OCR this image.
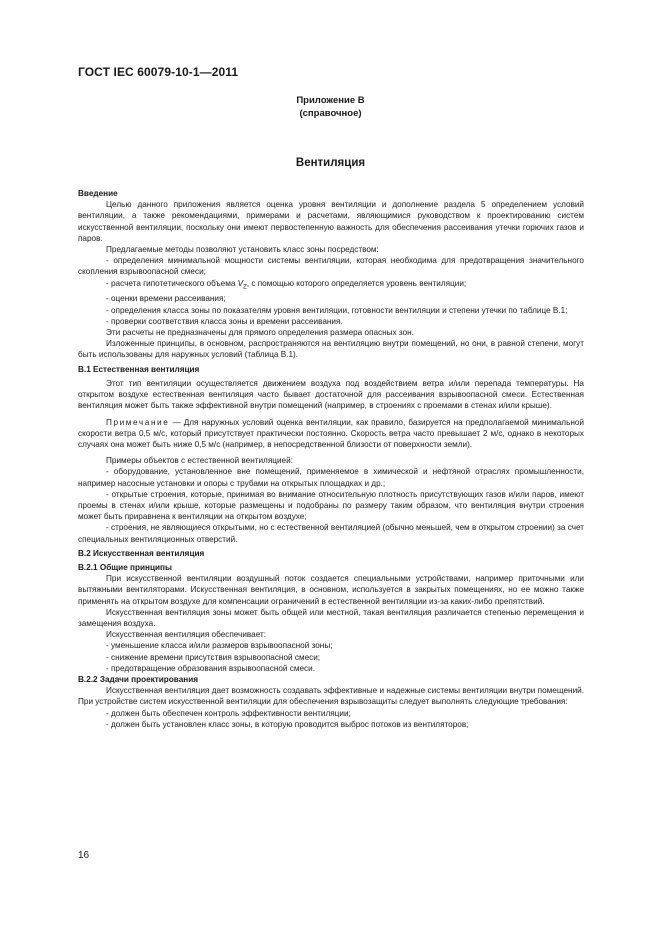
ГОСТ IEC 60079-10-1—2011
Приложение B
(справочное)
Вентиляция

Введение

Целью данного приложения является оценка уровня вентиляции и дополнение раздела 5 определением условий вентиляции, а также рекомендациями, примерами и расчетами, являющимися руководством к проектированию систем искусственной вентиляции, поскольку они имеют первостепенную важность для обеспечения рассеивания утечки горючих газов и паров.

Предлагаемые методы позволяют установить класс зоны посредством:

- определения минимальной мощности системы вентиляции, которая необходима для предотвращения значительного скопления взрывоопасной смеси;

- расчета гипотетического объема $V_Z$, с помощью которого определяется уровень вентиляции;

- оценки времени рассеивания;

- определения класса зоны по показателям уровня вентиляции, готовности вентиляции и степени утечки по таблице B.1;

- проверки соответствия класса зоны и времени рассеивания.

Эти расчеты не предназначены для прямого определения размера опасных зон.

Изложенные принципы, в основном, распространяются на вентиляцию внутри помещений, но они, в равной степени, могут быть использованы для наружных условий (таблица B.1).

B.1 Естественная вентиляция

Этот тип вентиляции осуществляется движением воздуха под воздействием ветра и/или перепада температуры. На открытом воздухе естественная вентиляция часто бывает достаточной для рассеивания взрывоопасной смеси. Естественная вентиляция может быть также эффективной внутри помещений (например, в строениях с проемами в стенах и/или крыше).

Примечание — Для наружных условий оценка вентиляции, как правило, базируется на предполагаемой минимальной скорости ветра 0,5 м/с, который присутствует практически постоянно. Скорость ветра часто превышает 2 м/с, однако в некоторых случаях она может быть ниже 0,5 м/с (например, в непосредственной близости от поверхности земли).

Примеры объектов с естественной вентиляцией:

- оборудование, установленное вне помещений, применяемое в химической и нефтяной отраслях промышленности, например насосные установки и опоры с трубами на открытых площадках и др.;

- открытые строения, которые, принимая во внимание относительную плотность присутствующих газов и/или паров, имеют проемы в стенах и/или крыше, которые размещены и подобраны по размеру таким образом, что вентиляция внутри строения может быть приравнена к вентиляции на открытом воздухе;

- строения, не являющиеся открытыми, но с естественной вентиляцией (обычно меньшей, чем в открытом строении) за счет специальных вентиляционных отверстий.

B.2 Искусственная вентиляция

B.2.1 Общие принципы

При искусственной вентиляции воздушный поток создается специальными устройствами, например приточными или вытяжными вентиляторами. Искусственная вентиляция, в основном, используется в закрытых помещениях, но ее можно также применять на открытом воздухе для компенсации ограничений в естественной вентиляции из-за каких-либо препятствий.

Искусственная вентиляция зоны может быть общей или местной, такая вентиляция различается степенью перемещения и замещения воздуха.

Искусственная вентиляция обеспечивает:

- уменьшение класса и/или размеров взрывоопасной зоны;

- снижение времени присутствия взрывоопасной смеси;

- предотвращение образования взрывоопасной смеси.

B.2.2 Задачи проектирования

Искусственная вентиляция дает возможность создавать эффективные и надежные системы вентиляции внутри помещений. При устройстве систем искусственной вентиляции для обеспечения взрывозащиты следует выполнять следующие требования:

- должен быть обеспечен контроль эффективности вентиляции;

- должен быть установлен класс зоны, в которую проводится выброс потоков из вентиляторов;

16
